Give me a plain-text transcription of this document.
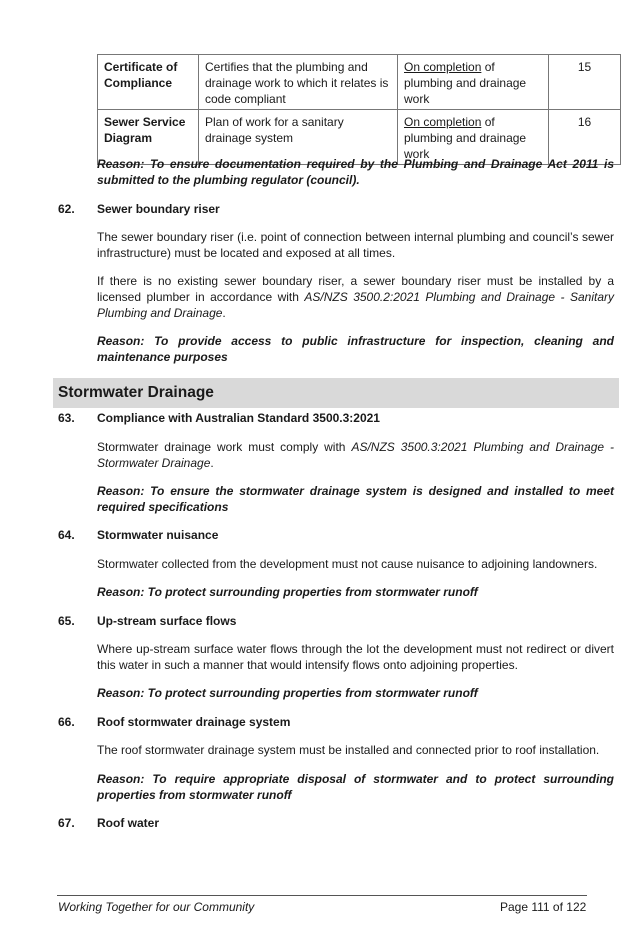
Certificate of Compliance	Certifies that the plumbing and drainage work to which it relates is code compliant	On completion of plumbing and drainage work	15
Sewer Service Diagram	Plan of work for a sanitary drainage system	On completion of plumbing and drainage work	16
Reason: To ensure documentation required by the Plumbing and Drainage Act 2011 is submitted to the plumbing regulator (council).
62. Sewer boundary riser
The sewer boundary riser (i.e. point of connection between internal plumbing and council’s sewer infrastructure) must be located and exposed at all times.
If there is no existing sewer boundary riser, a sewer boundary riser must be installed by a licensed plumber in accordance with AS/NZS 3500.2:2021 Plumbing and Drainage - Sanitary Plumbing and Drainage.
Reason: To provide access to public infrastructure for inspection, cleaning and maintenance purposes
Stormwater Drainage
63. Compliance with Australian Standard 3500.3:2021
Stormwater drainage work must comply with AS/NZS 3500.3:2021 Plumbing and Drainage - Stormwater Drainage.
Reason: To ensure the stormwater drainage system is designed and installed to meet required specifications
64. Stormwater nuisance
Stormwater collected from the development must not cause nuisance to adjoining landowners.
Reason: To protect surrounding properties from stormwater runoff
65. Up-stream surface flows
Where up-stream surface water flows through the lot the development must not redirect or divert this water in such a manner that would intensify flows onto adjoining properties.
Reason: To protect surrounding properties from stormwater runoff
66. Roof stormwater drainage system
The roof stormwater drainage system must be installed and connected prior to roof installation.
Reason: To require appropriate disposal of stormwater and to protect surrounding properties from stormwater runoff
67. Roof water
Working Together for our Community	Page 111 of 122
